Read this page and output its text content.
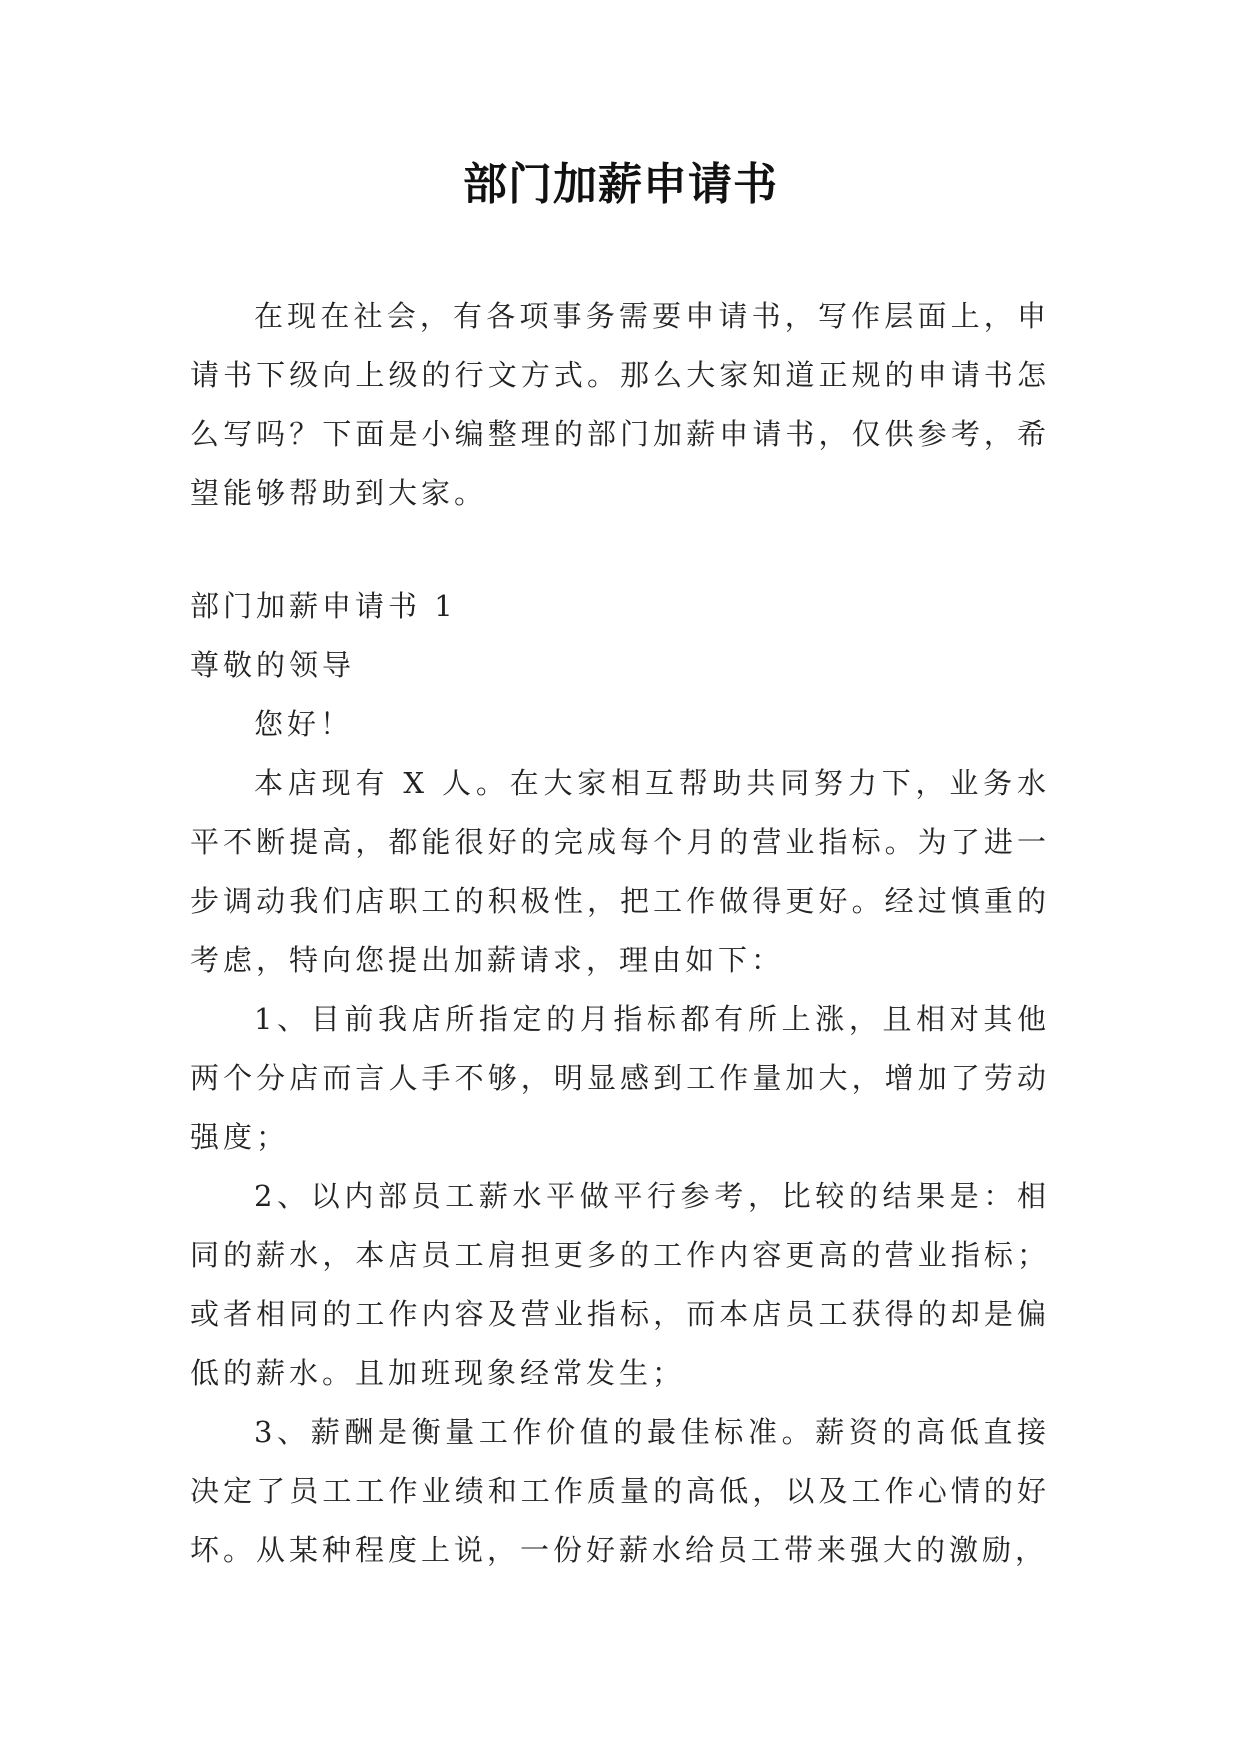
部门加薪申请书

在现在社会，有各项事务需要申请书，写作层面上，申请书下级向上级的行文方式。那么大家知道正规的申请书怎么写吗？下面是小编整理的部门加薪申请书，仅供参考，希望能够帮助到大家。

部门加薪申请书 1

尊敬的领导

您好！

本店现有 X 人。在大家相互帮助共同努力下，业务水平不断提高，都能很好的完成每个月的营业指标。为了进一步调动我们店职工的积极性，把工作做得更好。经过慎重的考虑，特向您提出加薪请求，理由如下：

1、目前我店所指定的月指标都有所上涨，且相对其他两个分店而言人手不够，明显感到工作量加大，增加了劳动强度；

2、以内部员工薪水平做平行参考，比较的结果是：相同的薪水，本店员工肩担更多的工作内容更高的营业指标；或者相同的工作内容及营业指标，而本店员工获得的却是偏低的薪水。且加班现象经常发生；

3、薪酬是衡量工作价值的最佳标准。薪资的高低直接决定了员工工作业绩和工作质量的高低，以及工作心情的好坏。从某种程度上说，一份好薪水给员工带来强大的激励，
